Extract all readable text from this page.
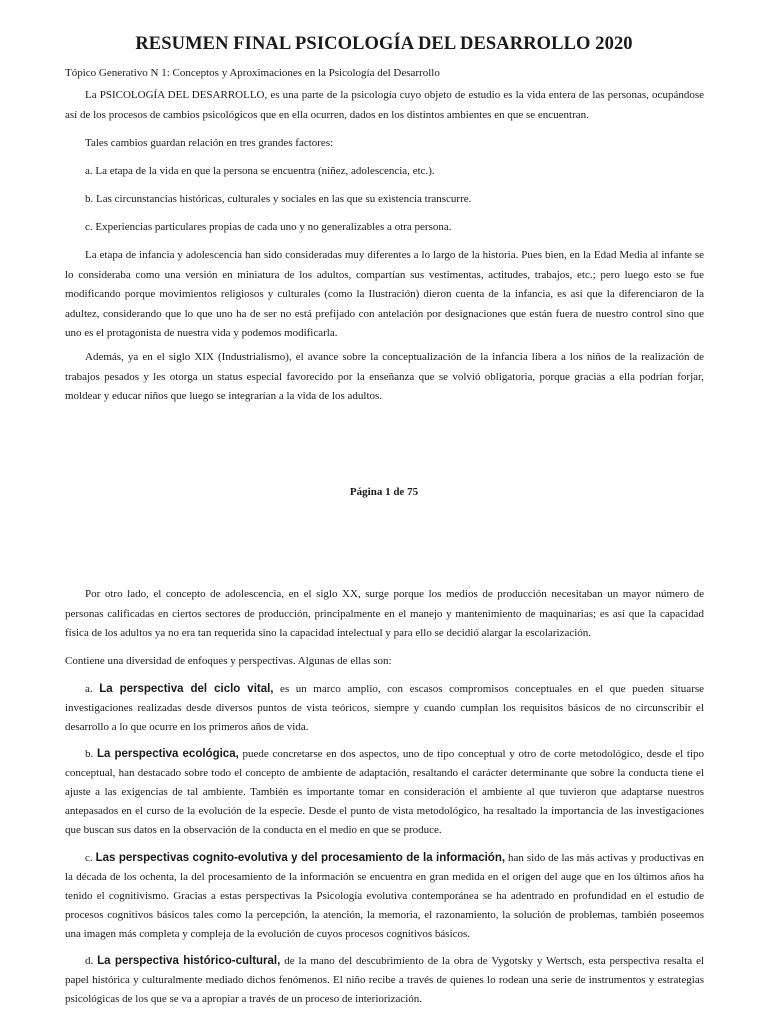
RESUMEN FINAL PSICOLOGÍA DEL DESARROLLO 2020

Tópico Generativo N 1: Conceptos y Aproximaciones en la Psicología del Desarrollo

La PSICOLOGÍA DEL DESARROLLO, es una parte de la psicología cuyo objeto de estudio es la vida entera de las personas, ocupándose así de los procesos de cambios psicológicos que en ella ocurren, dados en los distintos ambientes en que se encuentran.

Tales cambios guardan relación en tres grandes factores:

a. La etapa de la vida en que la persona se encuentra (niñez, adolescencia, etc.).

b. Las circunstancias históricas, culturales y sociales en las que su existencia transcurre.

c. Experiencias particulares propias de cada uno y no generalizables a otra persona.

La etapa de infancia y adolescencia han sido consideradas muy diferentes a lo largo de la historia. Pues bien, en la Edad Media al infante se lo consideraba como una versión en miniatura de los adultos, compartían sus vestimentas, actitudes, trabajos, etc.; pero luego esto se fue modificando porque movimientos religiosos y culturales (como la Ilustración) dieron cuenta de la infancia, es así que la diferenciaron de la adultez, considerando que lo que uno ha de ser no está prefijado con antelación por designaciones que están fuera de nuestro control sino que uno es el protagonista de nuestra vida y podemos modificarla.

Además, ya en el siglo XIX (Industrialismo), el avance sobre la conceptualización de la infancia libera a los niños de la realización de trabajos pesados y les otorga un status especial favorecido por la enseñanza que se volvió obligatoria, porque gracias a ella podrían forjar, moldear y educar niños que luego se integrarían a la vida de los adultos.

Página 1 de 75

Por otro lado, el concepto de adolescencia, en el siglo XX, surge porque los medios de producción necesitaban un mayor número de personas calificadas en ciertos sectores de producción, principalmente en el manejo y mantenimiento de maquinarias; es así que la capacidad física de los adultos ya no era tan requerida sino la capacidad intelectual y para ello se decidió alargar la escolarización.

Contiene una diversidad de enfoques y perspectivas. Algunas de ellas son:

a. La perspectiva del ciclo vital, es un marco amplio, con escasos compromisos conceptuales en el que pueden situarse investigaciones realizadas desde diversos puntos de vista teóricos, siempre y cuando cumplan los requisitos básicos de no circunscribir el desarrollo a lo que ocurre en los primeros años de vida.

b. La perspectiva ecológica, puede concretarse en dos aspectos, uno de tipo conceptual y otro de corte metodológico, desde el tipo conceptual, han destacado sobre todo el concepto de ambiente de adaptación, resaltando el carácter determinante que sobre la conducta tiene el ajuste a las exigencias de tal ambiente. También es importante tomar en consideración el ambiente al que tuvieron que adaptarse nuestros antepasados en el curso de la evolución de la especie. Desde el punto de vista metodológico, ha resaltado la importancia de las investigaciones que buscan sus datos en la observación de la conducta en el medio en que se produce.

c. Las perspectivas cognito-evolutiva y del procesamiento de la información, han sido de las más activas y productivas en la década de los ochenta, la del procesamiento de la información se encuentra en gran medida en el origen del auge que en los últimos años ha tenido el cognitivismo. Gracias a estas perspectivas la Psicología evolutiva contemporánea se ha adentrado en profundidad en el estudio de procesos cognitivos básicos tales como la percepción, la atención, la memoria, el razonamiento, la solución de problemas, también poseemos una imagen más completa y compleja de la evolución de cuyos procesos cognitivos básicos.

d. La perspectiva histórico-cultural, de la mano del descubrimiento de la obra de Vygotsky y Wertsch, esta perspectiva resalta el papel histórica y culturalmente mediado dichos fenómenos. El niño recibe a través de quienes lo rodean una serie de instrumentos y estrategias psicológicas de los que se va a apropiar a través de un proceso de interiorización.
